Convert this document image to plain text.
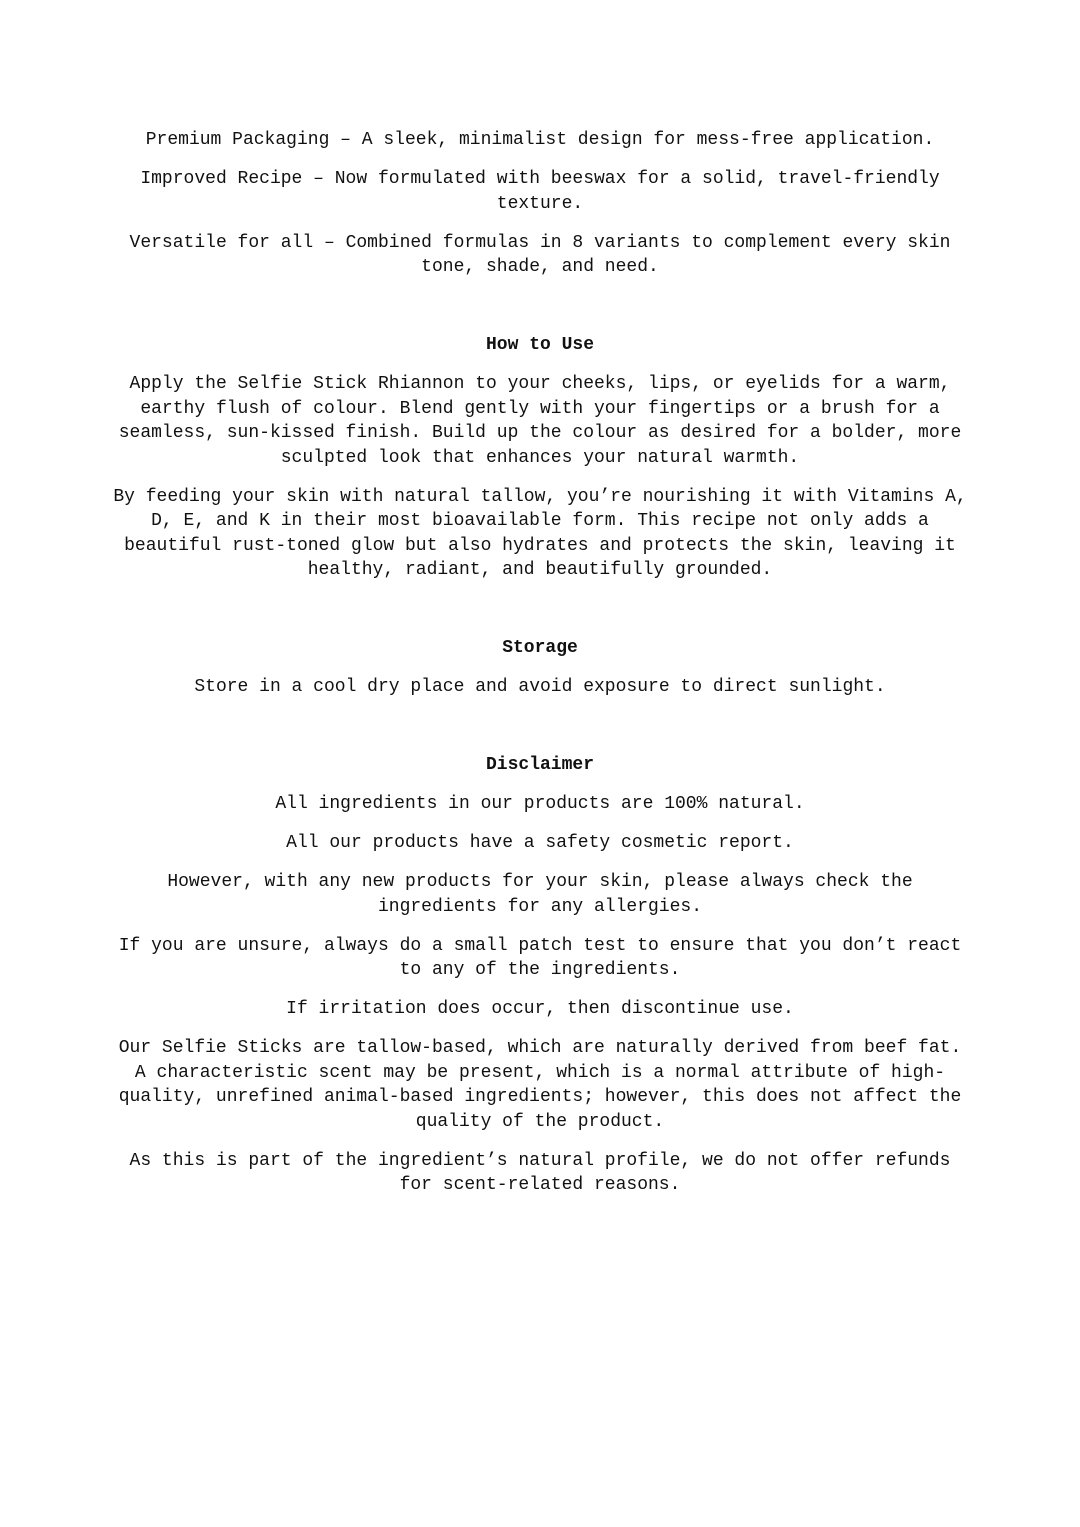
Premium Packaging – A sleek, minimalist design for mess-free application.

Improved Recipe – Now formulated with beeswax for a solid, travel-friendly texture.

Versatile for all – Combined formulas in 8 variants to complement every skin tone, shade, and need.

How to Use

Apply the Selfie Stick Rhiannon to your cheeks, lips, or eyelids for a warm, earthy flush of colour. Blend gently with your fingertips or a brush for a seamless, sun-kissed finish. Build up the colour as desired for a bolder, more sculpted look that enhances your natural warmth.

By feeding your skin with natural tallow, you’re nourishing it with Vitamins A, D, E, and K in their most bioavailable form. This recipe not only adds a beautiful rust-toned glow but also hydrates and protects the skin, leaving it healthy, radiant, and beautifully grounded.

Storage

Store in a cool dry place and avoid exposure to direct sunlight.

Disclaimer

All ingredients in our products are 100% natural.

All our products have a safety cosmetic report.

However, with any new products for your skin, please always check the ingredients for any allergies.

If you are unsure, always do a small patch test to ensure that you don’t react to any of the ingredients.

If irritation does occur, then discontinue use.

Our Selfie Sticks are tallow-based, which are naturally derived from beef fat. A characteristic scent may be present, which is a normal attribute of high-quality, unrefined animal-based ingredients; however, this does not affect the quality of the product.

As this is part of the ingredient’s natural profile, we do not offer refunds for scent-related reasons.
